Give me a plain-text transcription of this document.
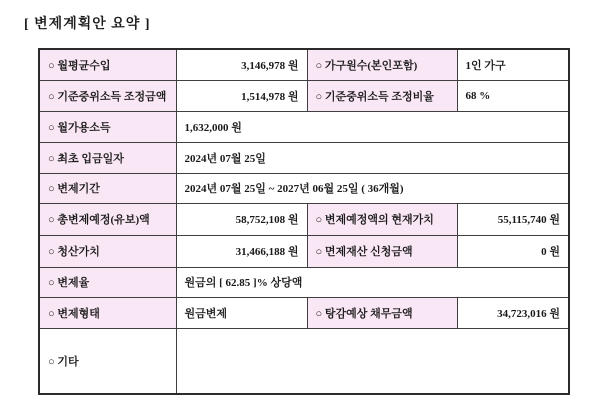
[ 변제계획안 요약 ]
○ 월평균수입	3,146,978 원	○ 가구원수(본인포함)	1인 가구
○ 기준중위소득 조정금액	1,514,978 원	○ 기준중위소득 조정비율	68 %
○ 월가용소득	1,632,000 원		
○ 최초 입금일자	2024년 07월 25일		
○ 변제기간	2024년 07월 25일 ~ 2027년 06월 25일 ( 36개월)		
○ 총변제예정(유보)액	58,752,108 원	○ 변제예정액의 현재가치	55,115,740 원
○ 청산가치	31,466,188 원	○ 면제재산 신청금액	0 원
○ 변제율	원금의 [ 62.85 ]% 상당액		
○ 변제형태	원금변제	○ 탕감예상 채무금액	34,723,016 원
○ 기타			
